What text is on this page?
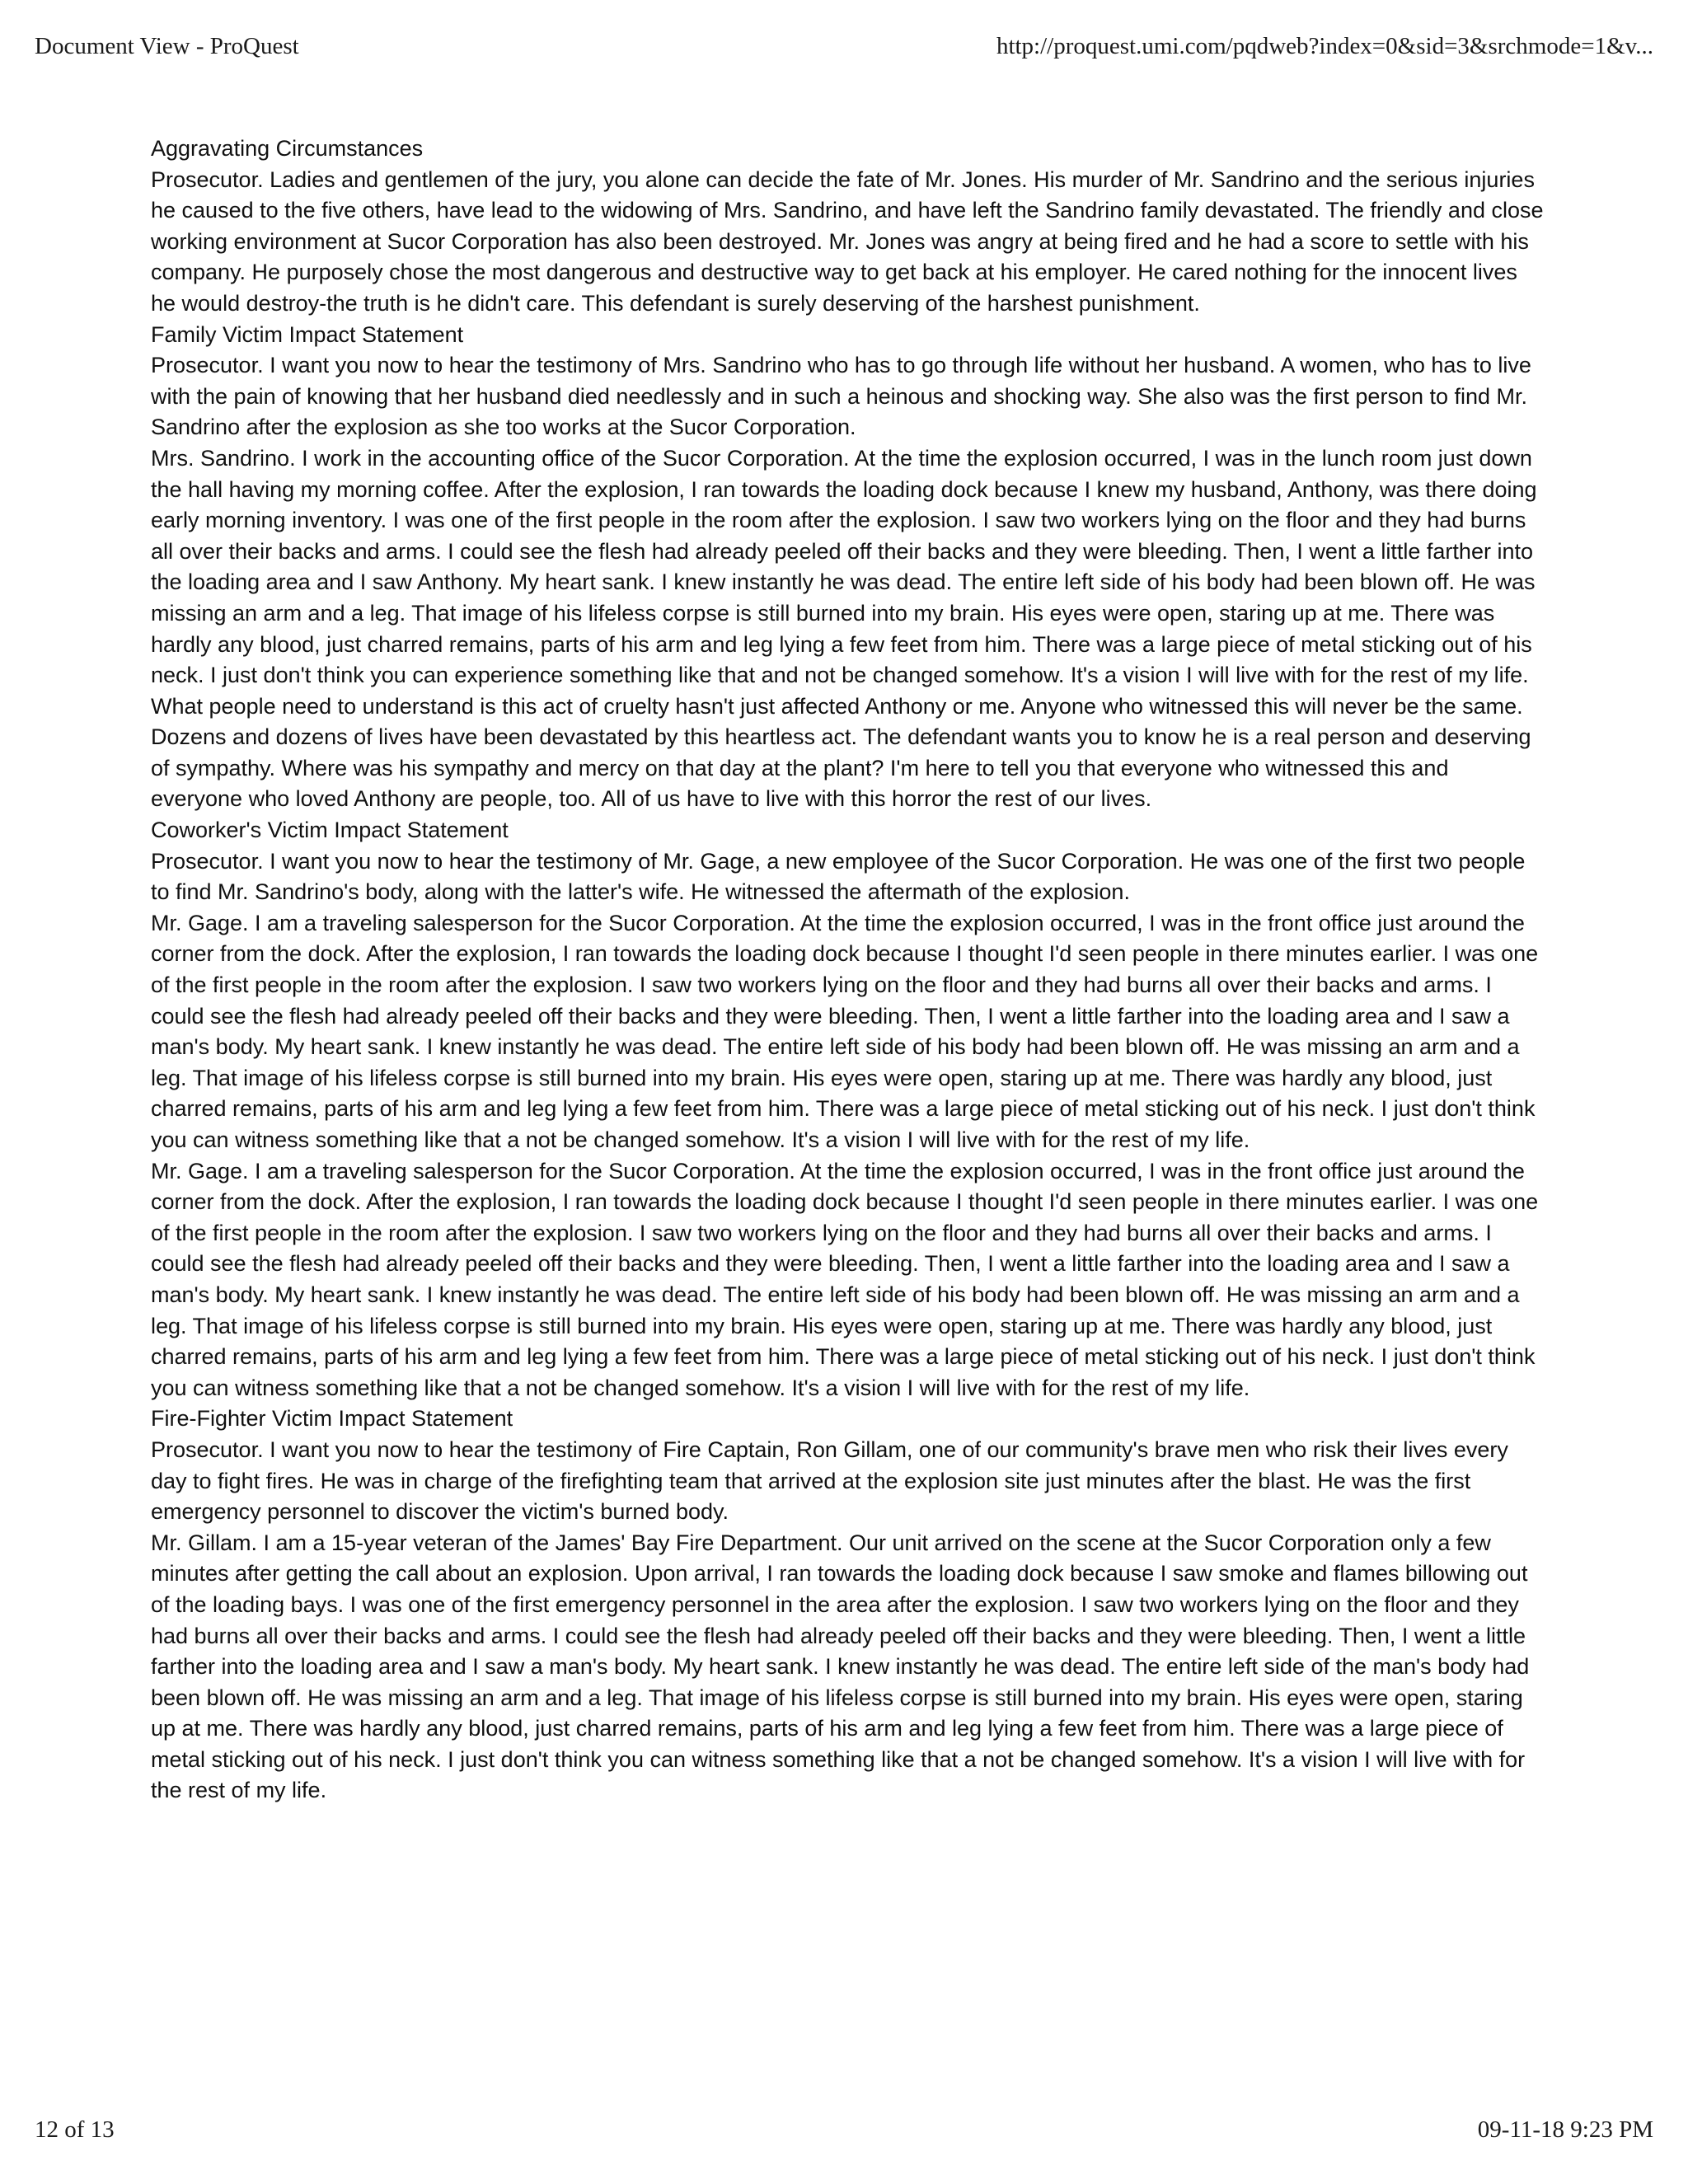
Document View - ProQuest	http://proquest.umi.com/pqdweb?index=0&sid=3&srchmode=1&v...

Aggravating Circumstances

Prosecutor. Ladies and gentlemen of the jury, you alone can decide the fate of Mr. Jones. His murder of Mr. Sandrino and the serious injuries he caused to the five others, have lead to the widowing of Mrs. Sandrino, and have left the Sandrino family devastated. The friendly and close working environment at Sucor Corporation has also been destroyed. Mr. Jones was angry at being fired and he had a score to settle with his company. He purposely chose the most dangerous and destructive way to get back at his employer. He cared nothing for the innocent lives he would destroy-the truth is he didn't care. This defendant is surely deserving of the harshest punishment.

Family Victim Impact Statement

Prosecutor. I want you now to hear the testimony of Mrs. Sandrino who has to go through life without her husband. A women, who has to live with the pain of knowing that her husband died needlessly and in such a heinous and shocking way. She also was the first person to find Mr. Sandrino after the explosion as she too works at the Sucor Corporation.

Mrs. Sandrino. I work in the accounting office of the Sucor Corporation. At the time the explosion occurred, I was in the lunch room just down the hall having my morning coffee. After the explosion, I ran towards the loading dock because I knew my husband, Anthony, was there doing early morning inventory. I was one of the first people in the room after the explosion. I saw two workers lying on the floor and they had burns all over their backs and arms. I could see the flesh had already peeled off their backs and they were bleeding. Then, I went a little farther into the loading area and I saw Anthony. My heart sank. I knew instantly he was dead. The entire left side of his body had been blown off. He was missing an arm and a leg. That image of his lifeless corpse is still burned into my brain. His eyes were open, staring up at me. There was hardly any blood, just charred remains, parts of his arm and leg lying a few feet from him. There was a large piece of metal sticking out of his neck. I just don't think you can experience something like that and not be changed somehow. It's a vision I will live with for the rest of my life.

What people need to understand is this act of cruelty hasn't just affected Anthony or me. Anyone who witnessed this will never be the same. Dozens and dozens of lives have been devastated by this heartless act. The defendant wants you to know he is a real person and deserving of sympathy. Where was his sympathy and mercy on that day at the plant? I'm here to tell you that everyone who witnessed this and everyone who loved Anthony are people, too. All of us have to live with this horror the rest of our lives.

Coworker's Victim Impact Statement

Prosecutor. I want you now to hear the testimony of Mr. Gage, a new employee of the Sucor Corporation. He was one of the first two people to find Mr. Sandrino's body, along with the latter's wife. He witnessed the aftermath of the explosion.

Mr. Gage. I am a traveling salesperson for the Sucor Corporation. At the time the explosion occurred, I was in the front office just around the corner from the dock. After the explosion, I ran towards the loading dock because I thought I'd seen people in there minutes earlier. I was one of the first people in the room after the explosion. I saw two workers lying on the floor and they had burns all over their backs and arms. I could see the flesh had already peeled off their backs and they were bleeding. Then, I went a little farther into the loading area and I saw a man's body. My heart sank. I knew instantly he was dead. The entire left side of his body had been blown off. He was missing an arm and a leg. That image of his lifeless corpse is still burned into my brain. His eyes were open, staring up at me. There was hardly any blood, just charred remains, parts of his arm and leg lying a few feet from him. There was a large piece of metal sticking out of his neck. I just don't think you can witness something like that a not be changed somehow. It's a vision I will live with for the rest of my life.

Mr. Gage. I am a traveling salesperson for the Sucor Corporation. At the time the explosion occurred, I was in the front office just around the corner from the dock. After the explosion, I ran towards the loading dock because I thought I'd seen people in there minutes earlier. I was one of the first people in the room after the explosion. I saw two workers lying on the floor and they had burns all over their backs and arms. I could see the flesh had already peeled off their backs and they were bleeding. Then, I went a little farther into the loading area and I saw a man's body. My heart sank. I knew instantly he was dead. The entire left side of his body had been blown off. He was missing an arm and a leg. That image of his lifeless corpse is still burned into my brain. His eyes were open, staring up at me. There was hardly any blood, just charred remains, parts of his arm and leg lying a few feet from him. There was a large piece of metal sticking out of his neck. I just don't think you can witness something like that a not be changed somehow. It's a vision I will live with for the rest of my life.

Fire-Fighter Victim Impact Statement

Prosecutor. I want you now to hear the testimony of Fire Captain, Ron Gillam, one of our community's brave men who risk their lives every day to fight fires. He was in charge of the firefighting team that arrived at the explosion site just minutes after the blast. He was the first emergency personnel to discover the victim's burned body.

Mr. Gillam. I am a 15-year veteran of the James' Bay Fire Department. Our unit arrived on the scene at the Sucor Corporation only a few minutes after getting the call about an explosion. Upon arrival, I ran towards the loading dock because I saw smoke and flames billowing out of the loading bays. I was one of the first emergency personnel in the area after the explosion. I saw two workers lying on the floor and they had burns all over their backs and arms. I could see the flesh had already peeled off their backs and they were bleeding. Then, I went a little farther into the loading area and I saw a man's body. My heart sank. I knew instantly he was dead. The entire left side of the man's body had been blown off. He was missing an arm and a leg. That image of his lifeless corpse is still burned into my brain. His eyes were open, staring up at me. There was hardly any blood, just charred remains, parts of his arm and leg lying a few feet from him. There was a large piece of metal sticking out of his neck. I just don't think you can witness something like that a not be changed somehow. It's a vision I will live with for the rest of my life.

12 of 13	09-11-18 9:23 PM
